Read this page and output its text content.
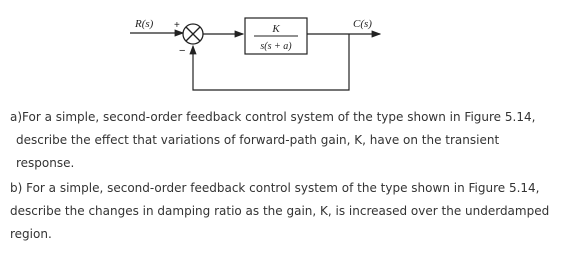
R(s) +
−
K
s(s + a)
C(s)
a)For a simple, second-order feedback control system of the type shown in Figure 5.14,
describe the effect that variations of forward-path gain, K, have on the transient
response.
b) For a simple, second-order feedback control system of the type shown in Figure 5.14,
describe the changes in damping ratio as the gain, K, is increased over the underdamped
region.
